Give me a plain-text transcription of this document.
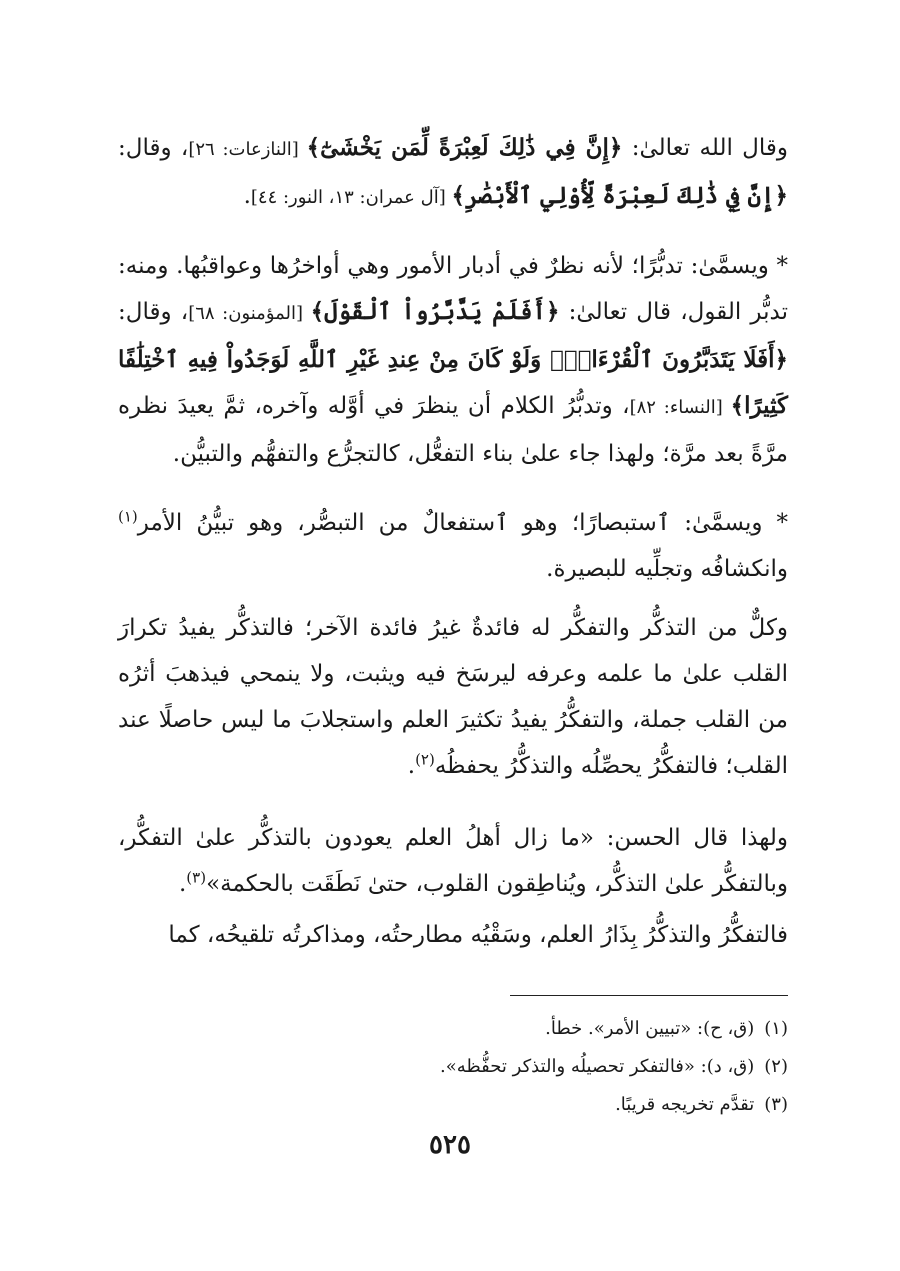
وقال الله تعالىٰ: ﴿إِنَّ فِي ذَٰلِكَ لَعِبْرَةً لِّمَن يَخْشَىٰٓ﴾ [النازعات: ٢٦]، وقال: ﴿إِنَّ فِي ذَٰلِكَ لَعِبْرَةً لِّأُوْلِي ٱلْأَبْصَٰرِ﴾ [آل عمران: ١٣، النور: ٤٤].

* ويسمَّىٰ: تدبُّرًا؛ لأنه نظرٌ في أدبار الأمور وهي أواخرُها وعواقبُها. ومنه: تدبُّر القول، قال تعالىٰ: ﴿أَفَلَمْ يَدَّبَّرُواْ ٱلْقَوْلَ﴾ [المؤمنون: ٦٨]، وقال: ﴿أَفَلَا يَتَدَبَّرُونَ ٱلْقُرْءَانَۚ وَلَوْ كَانَ مِنْ عِندِ غَيْرِ ٱللَّهِ لَوَجَدُواْ فِيهِ ٱخْتِلَٰفًا كَثِيرًا﴾ [النساء: ٨٢]، وتدبُّرُ الكلام أن ينظرَ في أوَّله وآخره، ثمَّ يعيدَ نظره مرَّةً بعد مرَّة؛ ولهذا جاء علىٰ بناء التفعُّل، كالتجرُّع والتفهُّم والتبيُّن.

* ويسمَّىٰ: ٱستبصارًا؛ وهو ٱستفعالٌ من التبصُّر، وهو تبيُّنُ الأمر$^{(١)}$ وانكشافُه وتجلِّيه للبصيرة.

وكلٌّ من التذكُّر والتفكُّر له فائدةٌ غيرُ فائدة الآخر؛ فالتذكُّر يفيدُ تكرارَ القلب علىٰ ما علمه وعرفه ليرسَخ فيه ويثبت، ولا ينمحي فيذهبَ أثرُه من القلب جملة، والتفكُّرُ يفيدُ تكثيرَ العلم واستجلابَ ما ليس حاصلًا عند القلب؛ فالتفكُّرُ يحصِّلُه والتذكُّرُ يحفظُه$^{(٢)}$.

ولهذا قال الحسن: «ما زال أهلُ العلم يعودون بالتذكُّر علىٰ التفكُّر، وبالتفكُّر علىٰ التذكُّر، ويُناطِقون القلوب، حتىٰ نَطَقَت بالحكمة»$^{(٣)}$.

فالتفكُّرُ والتذكُّرُ بِذَارُ العلم، وسَقْيُه مطارحتُه، ومذاكرتُه تلقيحُه، كما

(١)(ق، ح): «تبيين الأمر». خطأ.
(٢)(ق، د): «فالتفكر تحصيلُه والتذكر تحفُّظه».
(٣)تقدَّم تخريجه قريبًا.
٥٢٥
